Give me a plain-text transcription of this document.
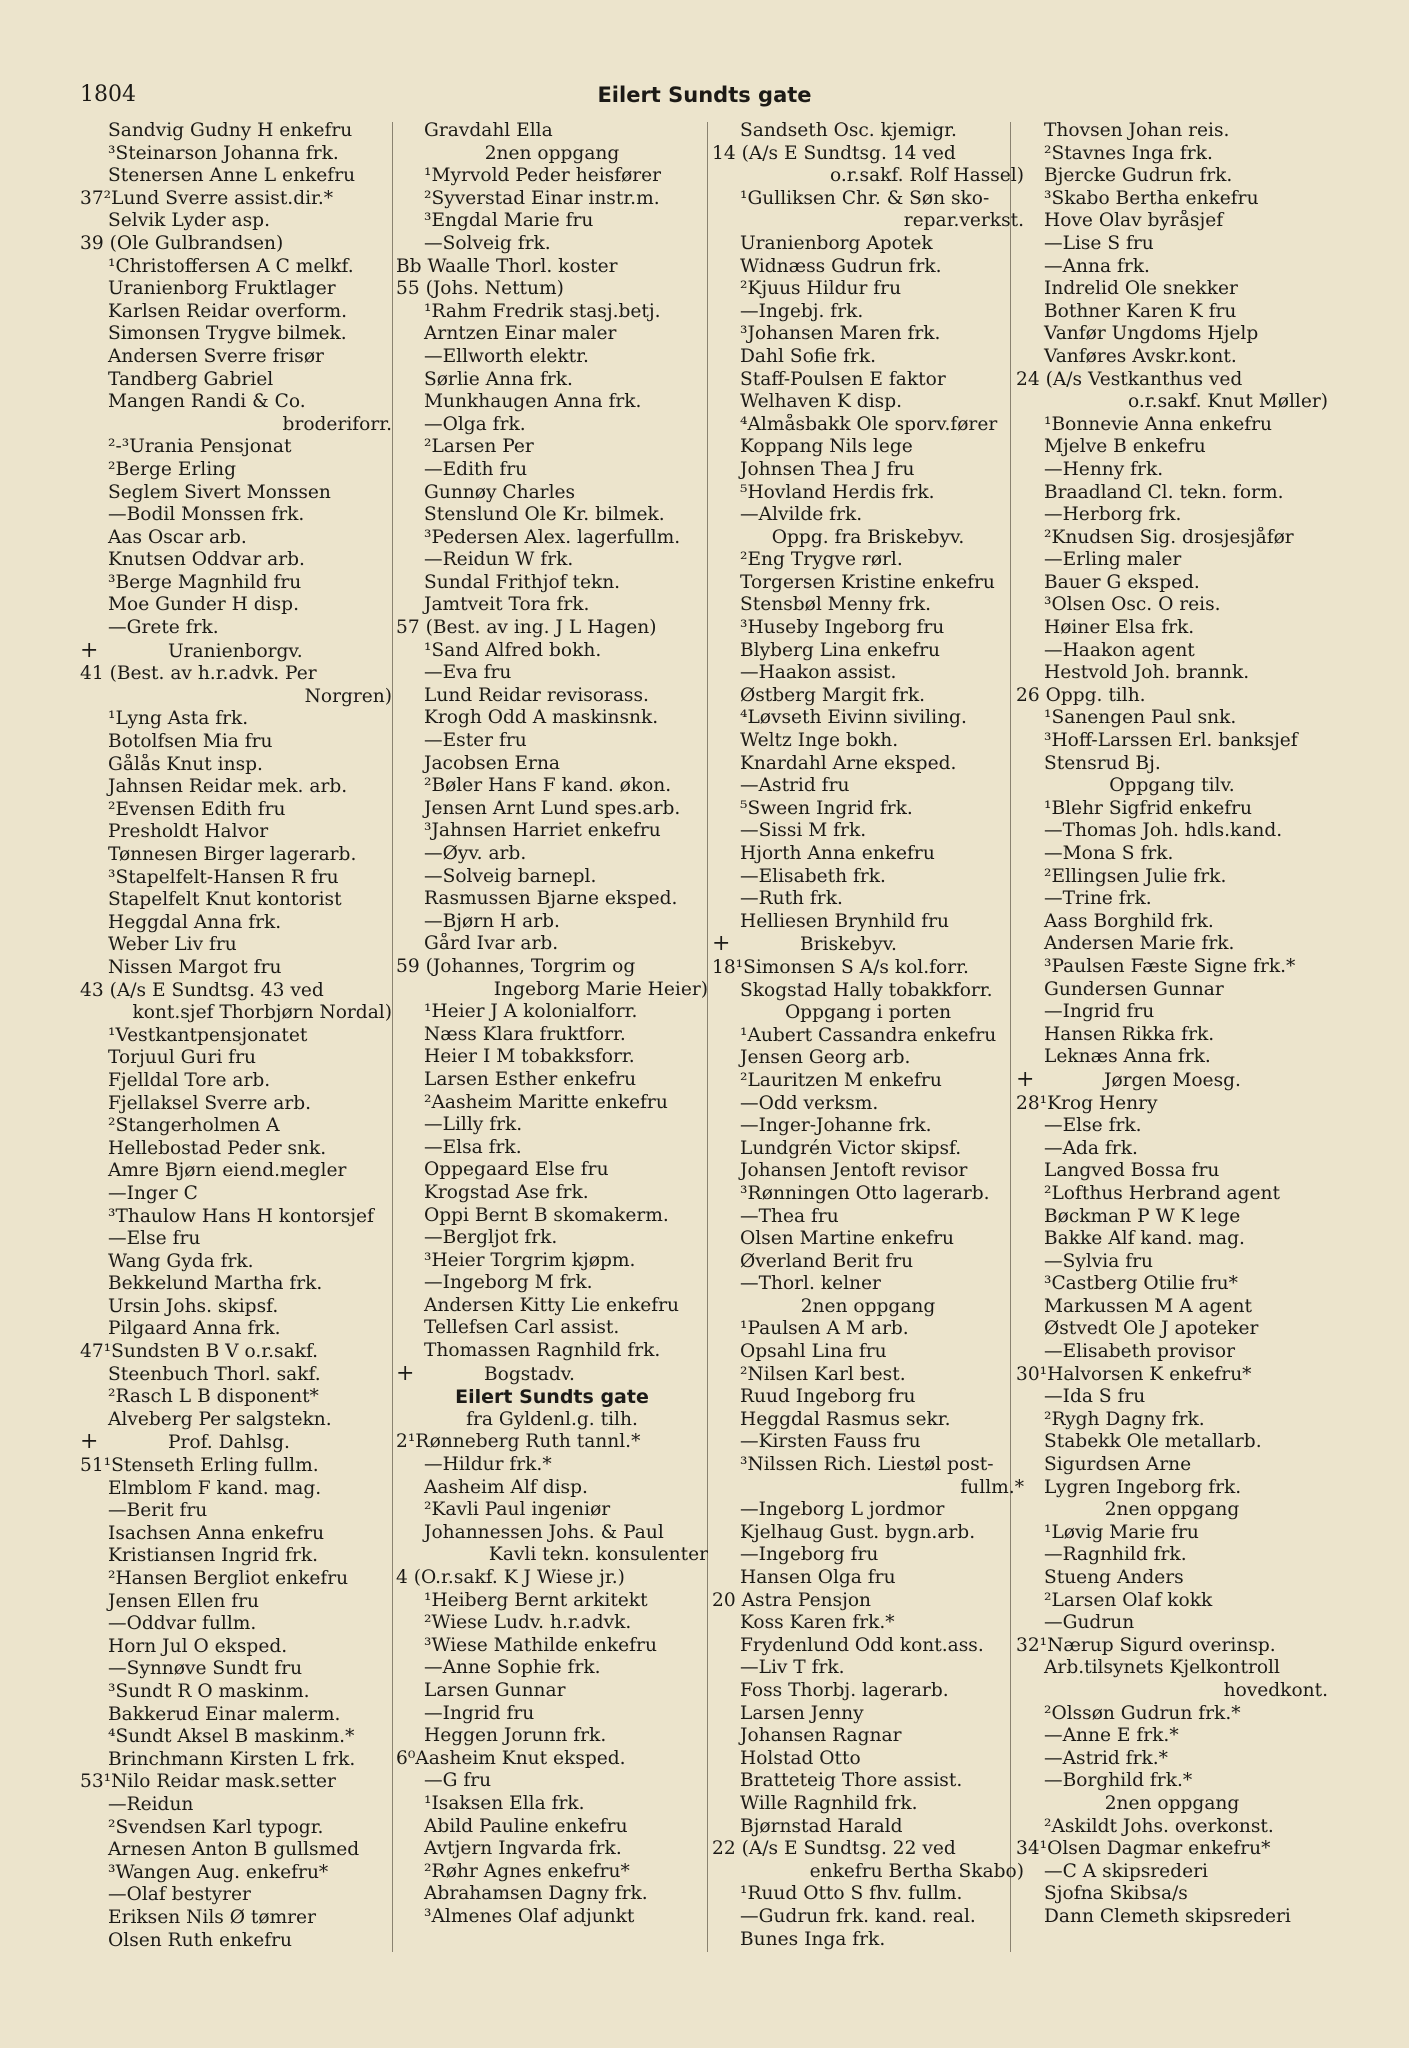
1804	Eilert Sundts gate
Sandvig Gudny H enkefru
³Steinarson Johanna frk.
Stenersen Anne L enkefru
37²Lund Sverre assist.dir.*
Selvik Lyder asp.
39 (Ole Gulbrandsen)
¹Christoffersen A C melkf.
Uranienborg Fruktlager
Karlsen Reidar overform.
Simonsen Trygve bilmek.
Andersen Sverre frisør
Tandberg Gabriel
Mangen Randi & Co.
broderiforr.
²-³Urania Pensjonat
²Berge Erling
Seglem Sivert Monssen
—Bodil Monssen frk.
Aas Oscar arb.
Knutsen Oddvar arb.
³Berge Magnhild fru
Moe Gunder H disp.
—Grete frk.
+	Uranienborgv.
41 (Best. av h.r.advk. Per
Norgren)
¹Lyng Asta frk.
Botolfsen Mia fru
Gålås Knut insp.
Jahnsen Reidar mek. arb.
²Evensen Edith fru
Presholdt Halvor
Tønnesen Birger lagerarb.
³Stapelfelt-Hansen R fru
Stapelfelt Knut kontorist
Heggdal Anna frk.
Weber Liv fru
Nissen Margot fru
43 (A/s E Sundtsg. 43 ved
kont.sjef Thorbjørn Nordal)
¹Vestkantpensjonatet
Torjuul Guri fru
Fjelldal Tore arb.
Fjellaksel Sverre arb.
²Stangerholmen A
Hellebostad Peder snk.
Amre Bjørn eiend.megler
—Inger C
³Thaulow Hans H kontorsjef
—Else fru
Wang Gyda frk.
Bekkelund Martha frk.
Ursin Johs. skipsf.
Pilgaard Anna frk.
47¹Sundsten B V o.r.sakf.
Steenbuch Thorl. sakf.
²Rasch L B disponent*
Alveberg Per salgstekn.
+	Prof. Dahlsg.
51¹Stenseth Erling fullm.
Elmblom F kand. mag.
—Berit fru
Isachsen Anna enkefru
Kristiansen Ingrid frk.
²Hansen Bergliot enkefru
Jensen Ellen fru
—Oddvar fullm.
Horn Jul O eksped.
—Synnøve Sundt fru
³Sundt R O maskinm.
Bakkerud Einar malerm.
⁴Sundt Aksel B maskinm.*
Brinchmann Kirsten L frk.
53¹Nilo Reidar mask.setter
—Reidun
²Svendsen Karl typogr.
Arnesen Anton B gullsmed
³Wangen Aug. enkefru*
—Olaf bestyrer
Eriksen Nils Ø tømrer
Olsen Ruth enkefru
Gravdahl Ella
2nen oppgang
¹Myrvold Peder heisfører
²Syverstad Einar instr.m.
³Engdal Marie fru
—Solveig frk.
Bb Waalle Thorl. koster
55 (Johs. Nettum)
¹Rahm Fredrik stasj.betj.
Arntzen Einar maler
—Ellworth elektr.
Sørlie Anna frk.
Munkhaugen Anna frk.
—Olga frk.
²Larsen Per
—Edith fru
Gunnøy Charles
Stenslund Ole Kr. bilmek.
³Pedersen Alex. lagerfullm.
—Reidun W frk.
Sundal Frithjof tekn.
Jamtveit Tora frk.
57 (Best. av ing. J L Hagen)
¹Sand Alfred bokh.
—Eva fru
Lund Reidar revisorass.
Krogh Odd A maskinsnk.
—Ester fru
Jacobsen Erna
²Bøler Hans F kand. økon.
Jensen Arnt Lund spes.arb.
³Jahnsen Harriet enkefru
—Øyv. arb.
—Solveig barnepl.
Rasmussen Bjarne eksped.
—Bjørn H arb.
Gård Ivar arb.
59 (Johannes, Torgrim og
Ingeborg Marie Heier)
¹Heier J A kolonialforr.
Næss Klara fruktforr.
Heier I M tobakksforr.
Larsen Esther enkefru
²Aasheim Maritte enkefru
—Lilly frk.
—Elsa frk.
Oppegaard Else fru
Krogstad Ase frk.
Oppi Bernt B skomakerm.
—Bergljot frk.
³Heier Torgrim kjøpm.
—Ingeborg M frk.
Andersen Kitty Lie enkefru
Tellefsen Carl assist.
Thomassen Ragnhild frk.
+	Bogstadv.
Eilert Sundts gate
fra Gyldenl.g. tilh.
2¹Rønneberg Ruth tannl.*
—Hildur frk.*
Aasheim Alf disp.
²Kavli Paul ingeniør
Johannessen Johs. & Paul
Kavli tekn. konsulenter
4 (O.r.sakf. K J Wiese jr.)
¹Heiberg Bernt arkitekt
²Wiese Ludv. h.r.advk.
³Wiese Mathilde enkefru
—Anne Sophie frk.
Larsen Gunnar
—Ingrid fru
Heggen Jorunn frk.
6⁰Aasheim Knut eksped.
—G fru
¹Isaksen Ella frk.
Abild Pauline enkefru
Avtjern Ingvarda frk.
²Røhr Agnes enkefru*
Abrahamsen Dagny frk.
³Almenes Olaf adjunkt
Sandseth Osc. kjemigr.
14 (A/s E Sundtsg. 14 ved
o.r.sakf. Rolf Hassel)
¹Gulliksen Chr. & Søn sko-
repar.verkst.
Uranienborg Apotek
Widnæss Gudrun frk.
²Kjuus Hildur fru
—Ingebj. frk.
³Johansen Maren frk.
Dahl Sofie frk.
Staff-Poulsen E faktor
Welhaven K disp.
⁴Almåsbakk Ole sporv.fører
Koppang Nils lege
Johnsen Thea J fru
⁵Hovland Herdis frk.
—Alvilde frk.
Oppg. fra Briskebyv.
²Eng Trygve rørl.
Torgersen Kristine enkefru
Stensbøl Menny frk.
³Huseby Ingeborg fru
Blyberg Lina enkefru
—Haakon assist.
Østberg Margit frk.
⁴Løvseth Eivinn siviling.
Weltz Inge bokh.
Knardahl Arne eksped.
—Astrid fru
⁵Sween Ingrid frk.
—Sissi M frk.
Hjorth Anna enkefru
—Elisabeth frk.
—Ruth frk.
Helliesen Brynhild fru
+	Briskebyv.
18¹Simonsen S A/s kol.forr.
Skogstad Hally tobakkforr.
Oppgang i porten
¹Aubert Cassandra enkefru
Jensen Georg arb.
²Lauritzen M enkefru
—Odd verksm.
—Inger-Johanne frk.
Lundgrén Victor skipsf.
Johansen Jentoft revisor
³Rønningen Otto lagerarb.
—Thea fru
Olsen Martine enkefru
Øverland Berit fru
—Thorl. kelner
2nen oppgang
¹Paulsen A M arb.
Opsahl Lina fru
²Nilsen Karl best.
Ruud Ingeborg fru
Heggdal Rasmus sekr.
—Kirsten Fauss fru
³Nilssen Rich. Liestøl post-
fullm.*
—Ingeborg L jordmor
Kjelhaug Gust. bygn.arb.
—Ingeborg fru
Hansen Olga fru
20 Astra Pensjon
Koss Karen frk.*
Frydenlund Odd kont.ass.
—Liv T frk.
Foss Thorbj. lagerarb.
Larsen Jenny
Johansen Ragnar
Holstad Otto
Bratteteig Thore assist.
Wille Ragnhild frk.
Bjørnstad Harald
22 (A/s E Sundtsg. 22 ved
enkefru Bertha Skabo)
¹Ruud Otto S fhv. fullm.
—Gudrun frk. kand. real.
Bunes Inga frk.
Thovsen Johan reis.
²Stavnes Inga frk.
Bjercke Gudrun frk.
³Skabo Bertha enkefru
Hove Olav byråsjef
—Lise S fru
—Anna frk.
Indrelid Ole snekker
Bothner Karen K fru
Vanfør Ungdoms Hjelp
Vanføres Avskr.kont.
24 (A/s Vestkanthus ved
o.r.sakf. Knut Møller)
¹Bonnevie Anna enkefru
Mjelve B enkefru
—Henny frk.
Braadland Cl. tekn. form.
—Herborg frk.
²Knudsen Sig. drosjesjåfør
—Erling maler
Bauer G eksped.
³Olsen Osc. O reis.
Høiner Elsa frk.
—Haakon agent
Hestvold Joh. brannk.
26 Oppg. tilh.
¹Sanengen Paul snk.
³Hoff-Larssen Erl. banksjef
Stensrud Bj.
Oppgang tilv.
¹Blehr Sigfrid enkefru
—Thomas Joh. hdls.kand.
—Mona S frk.
²Ellingsen Julie frk.
—Trine frk.
Aass Borghild frk.
Andersen Marie frk.
³Paulsen Fæste Signe frk.*
Gundersen Gunnar
—Ingrid fru
Hansen Rikka frk.
Leknæs Anna frk.
+	Jørgen Moesg.
28¹Krog Henry
—Else frk.
—Ada frk.
Langved Bossa fru
²Lofthus Herbrand agent
Bøckman P W K lege
Bakke Alf kand. mag.
—Sylvia fru
³Castberg Otilie fru*
Markussen M A agent
Østvedt Ole J apoteker
—Elisabeth provisor
30¹Halvorsen K enkefru*
—Ida S fru
²Rygh Dagny frk.
Stabekk Ole metallarb.
Sigurdsen Arne
Lygren Ingeborg frk.
2nen oppgang
¹Løvig Marie fru
—Ragnhild frk.
Stueng Anders
²Larsen Olaf kokk
—Gudrun
32¹Nærup Sigurd overinsp.
Arb.tilsynets Kjelkontroll
hovedkont.
²Olssøn Gudrun frk.*
—Anne E frk.*
—Astrid frk.*
—Borghild frk.*
2nen oppgang
²Askildt Johs. overkonst.
34¹Olsen Dagmar enkefru*
—C A skipsrederi
Sjofna Skibsa/s
Dann Clemeth skipsrederi
